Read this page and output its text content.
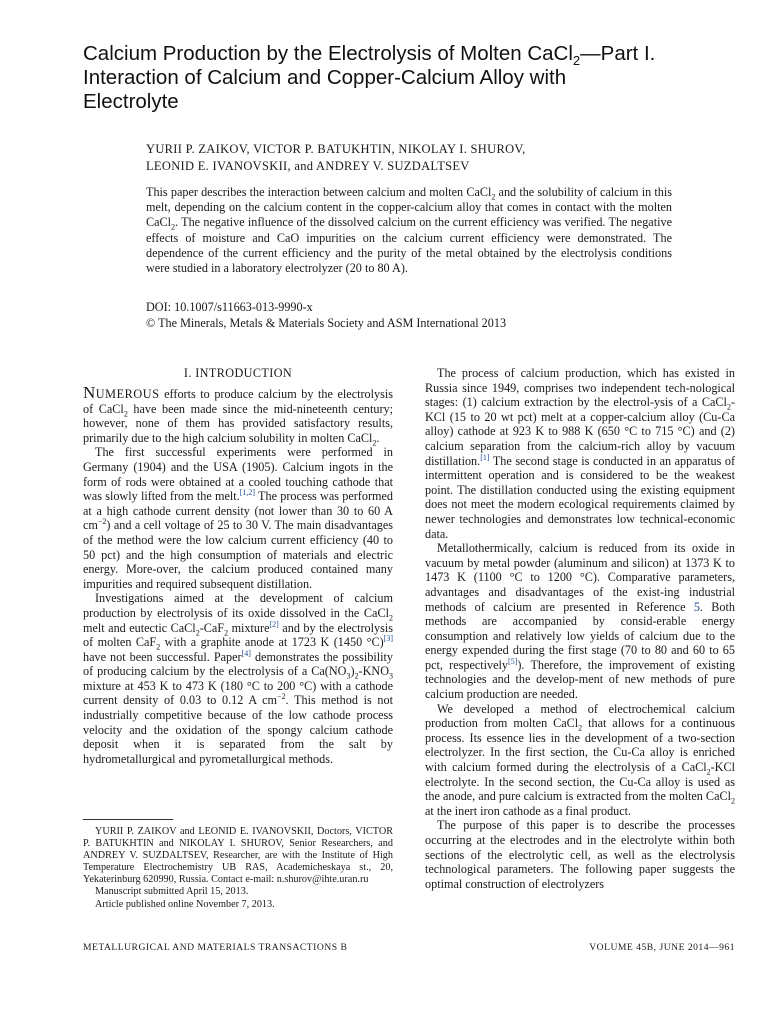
Calcium Production by the Electrolysis of Molten CaCl$_2$—Part I.
Interaction of Calcium and Copper-Calcium Alloy with
Electrolyte
YURII P. ZAIKOV, VICTOR P. BATUKHTIN, NIKOLAY I. SHUROV,
LEONID E. IVANOVSKII, and ANDREY V. SUZDALTSEV
This paper describes the interaction between calcium and molten CaCl$_2$ and the solubility of calcium in this melt, depending on the calcium content in the copper-calcium alloy that comes in contact with the molten CaCl$_2$. The negative influence of the dissolved calcium on the current efficiency was verified. The negative effects of moisture and CaO impurities on the calcium current efficiency were demonstrated. The dependence of the current efficiency and the purity of the metal obtained by the electrolysis conditions were studied in a laboratory electrolyzer (20 to 80 A).
DOI: 10.1007/s11663-013-9990-x
© The Minerals, Metals & Materials Society and ASM International 2013
I. INTRODUCTION

NUMEROUS efforts to produce calcium by the electrolysis of CaCl$_2$ have been made since the mid-nineteenth century; however, none of them has provided satisfactory results, primarily due to the high calcium solubility in molten CaCl$_2$.

The first successful experiments were performed in Germany (1904) and the USA (1905). Calcium ingots in the form of rods were obtained at a cooled touching cathode that was slowly lifted from the melt.[1,2] The process was performed at a high cathode current density (not lower than 30 to 60 A $cm^{-2}$) and a cell voltage of 25 to 30 V. The main disadvantages of the method were the low calcium current efficiency (40 to 50 pct) and the high consumption of materials and electric energy. More-over, the calcium produced contained many impurities and required subsequent distillation.

Investigations aimed at the development of calcium production by electrolysis of its oxide dissolved in the CaCl$_2$ melt and eutectic CaCl$_2$-CaF$_2$ mixture[2] and by the electrolysis of molten CaF$_2$ with a graphite anode at 1723 K (1450 °C)[3] have not been successful. Paper[4] demonstrates the possibility of producing calcium by the electrolysis of a $Ca(NO_3)_2-KNO_3$ mixture at 453 K to 473 K (180 °C to 200 °C) with a cathode current density of 0.03 to 0.12 A $cm^{-2}$. This method is not industrially competitive because of the low cathode process velocity and the oxidation of the spongy calcium cathode deposit when it is separated from the salt by hydrometallurgical and pyrometallurgical methods.

YURII P. ZAIKOV and LEONID E. IVANOVSKII, Doctors, VICTOR P. BATUKHTIN and NIKOLAY I. SHUROV, Senior Researchers, and ANDREY V. SUZDALTSEV, Researcher, are with the Institute of High Temperature Electrochemistry UB RAS, Academicheskaya st., 20, Yekaterinburg 620990, Russia. Contact e-mail: n.shurov@ihte.uran.ru

Manuscript submitted April 15, 2013.

Article published online November 7, 2013.

The process of calcium production, which has existed in Russia since 1949, comprises two independent tech-nological stages: (1) calcium extraction by the electrol-ysis of a CaCl$_2$-KCl (15 to 20 wt pct) melt at a copper-calcium alloy (Cu-Ca alloy) cathode at 923 K to 988 K (650 °C to 715 °C) and (2) calcium separation from the calcium-rich alloy by vacuum distillation.[1] The second stage is conducted in an apparatus of intermittent operation and is considered to be the weakest point. The distillation conducted using the existing equipment does not meet the modern ecological requirements claimed by newer technologies and demonstrates low technical-economic data.

Metallothermically, calcium is reduced from its oxide in vacuum by metal powder (aluminum and silicon) at 1373 K to 1473 K (1100 °C to 1200 °C). Comparative parameters, advantages and disadvantages of the exist-ing industrial methods of calcium are presented in Reference 5. Both methods are accompanied by consid-erable energy consumption and relatively low yields of calcium due to the energy expended during the first stage (70 to 80 and 60 to 65 pct, respectively[5]). Therefore, the improvement of existing technologies and the develop-ment of new methods of pure calcium production are needed.

We developed a method of electrochemical calcium production from molten CaCl$_2$ that allows for a continuous process. Its essence lies in the development of a two-section electrolyzer. In the first section, the Cu-Ca alloy is enriched with calcium formed during the electrolysis of a CaCl$_2$-KCl electrolyte. In the second section, the Cu-Ca alloy is used as the anode, and pure calcium is extracted from the molten CaCl$_2$ at the inert iron cathode as a final product.

The purpose of this paper is to describe the processes occurring at the electrodes and in the electrolyte within both sections of the electrolytic cell, as well as the electrolysis technological parameters. The following paper suggests the optimal construction of electrolyzers

METALLURGICAL AND MATERIALS TRANSACTIONS B	VOLUME 45B, JUNE 2014—961
